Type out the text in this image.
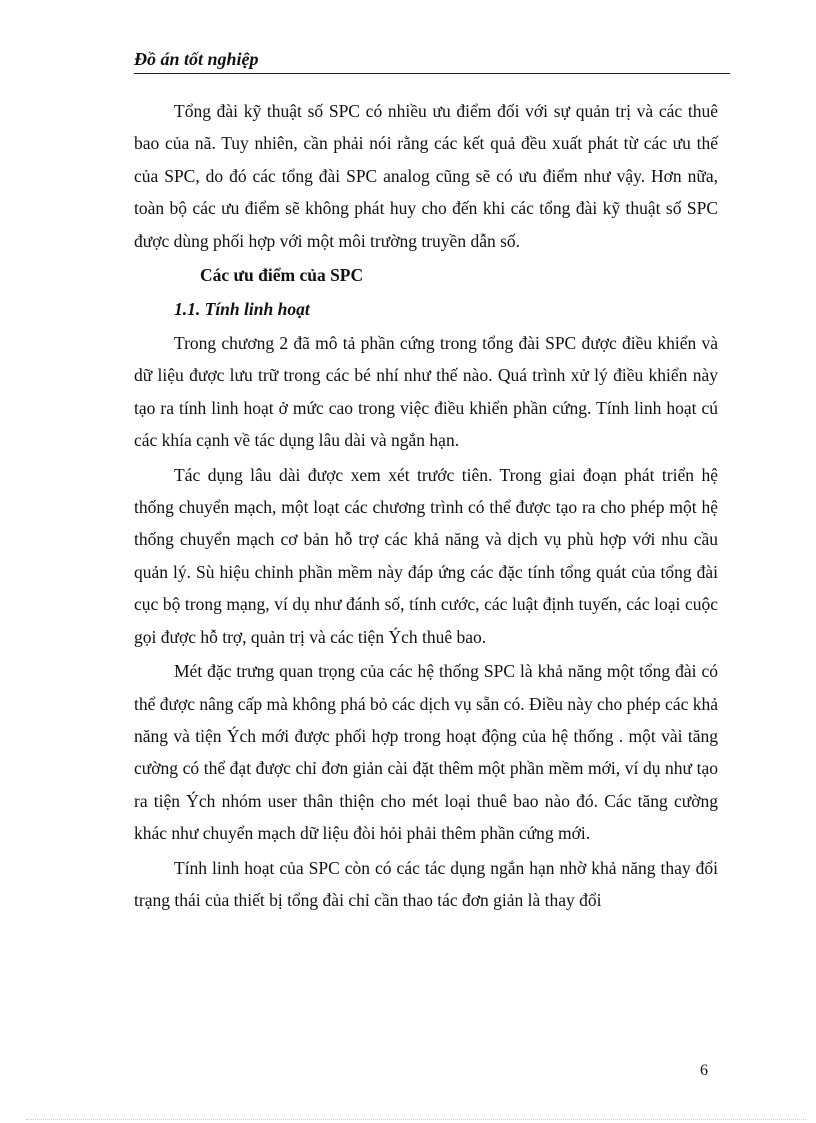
Đồ án tốt nghiệp

Tổng đài kỹ thuật số SPC có nhiều ưu điểm đối với sự quản trị và các thuê bao của nã. Tuy nhiên, cần phải nói rằng các kết quả đều xuất phát từ các ưu thế của SPC, do đó các tổng đài SPC analog cũng sẽ có ưu điểm như vậy. Hơn nữa, toàn bộ các ưu điểm sẽ không phát huy cho đến khi các tổng đài kỹ thuật số SPC được dùng phối hợp với một môi trường truyền dẫn số.

Các ưu điểm của SPC

1.1. Tính linh hoạt

Trong chương 2 đã mô tả phần cứng trong tổng đài SPC được điều khiển và dữ liệu được lưu trữ trong các bé nhí như thế nào. Quá trình xử lý điều khiển này tạo ra tính linh hoạt ở mức cao trong việc điều khiển phần cứng. Tính linh hoạt cú các khía cạnh về tác dụng lâu dài và ngắn hạn.

Tác dụng lâu dài được xem xét trước tiên. Trong giai đoạn phát triển hệ thống chuyển mạch, một loạt các chương trình có thể được tạo ra cho phép một hệ thống chuyển mạch cơ bản hỗ trợ các khả năng và dịch vụ phù hợp với nhu cầu quản lý. Sù hiệu chỉnh phần mềm này đáp ứng các đặc tính tổng quát của tổng đài cục bộ trong mạng, ví dụ như đánh số, tính cước, các luật định tuyến, các loại cuộc gọi được hỗ trợ, quản trị và các tiện Ých thuê bao.

Mét đặc trưng quan trọng của các hệ thống SPC là khả năng một tổng đài có thể được nâng cấp mà không phá bỏ các dịch vụ sẵn có. Điều này cho phép các khả năng và tiện Ých mới được phối hợp trong hoạt động của hệ thống . một vài tăng cường có thể đạt được chỉ đơn giản cài đặt thêm một phần mềm mới, ví dụ như tạo ra tiện Ých nhóm user thân thiện cho mét loại thuê bao nào đó. Các tăng cường khác như chuyển mạch dữ liệu đòi hỏi phải thêm phần cứng mới.

Tính linh hoạt của SPC còn có các tác dụng ngắn hạn nhờ khả năng thay đổi trạng thái của thiết bị tổng đài chỉ cần thao tác đơn giản là thay đổi

6
